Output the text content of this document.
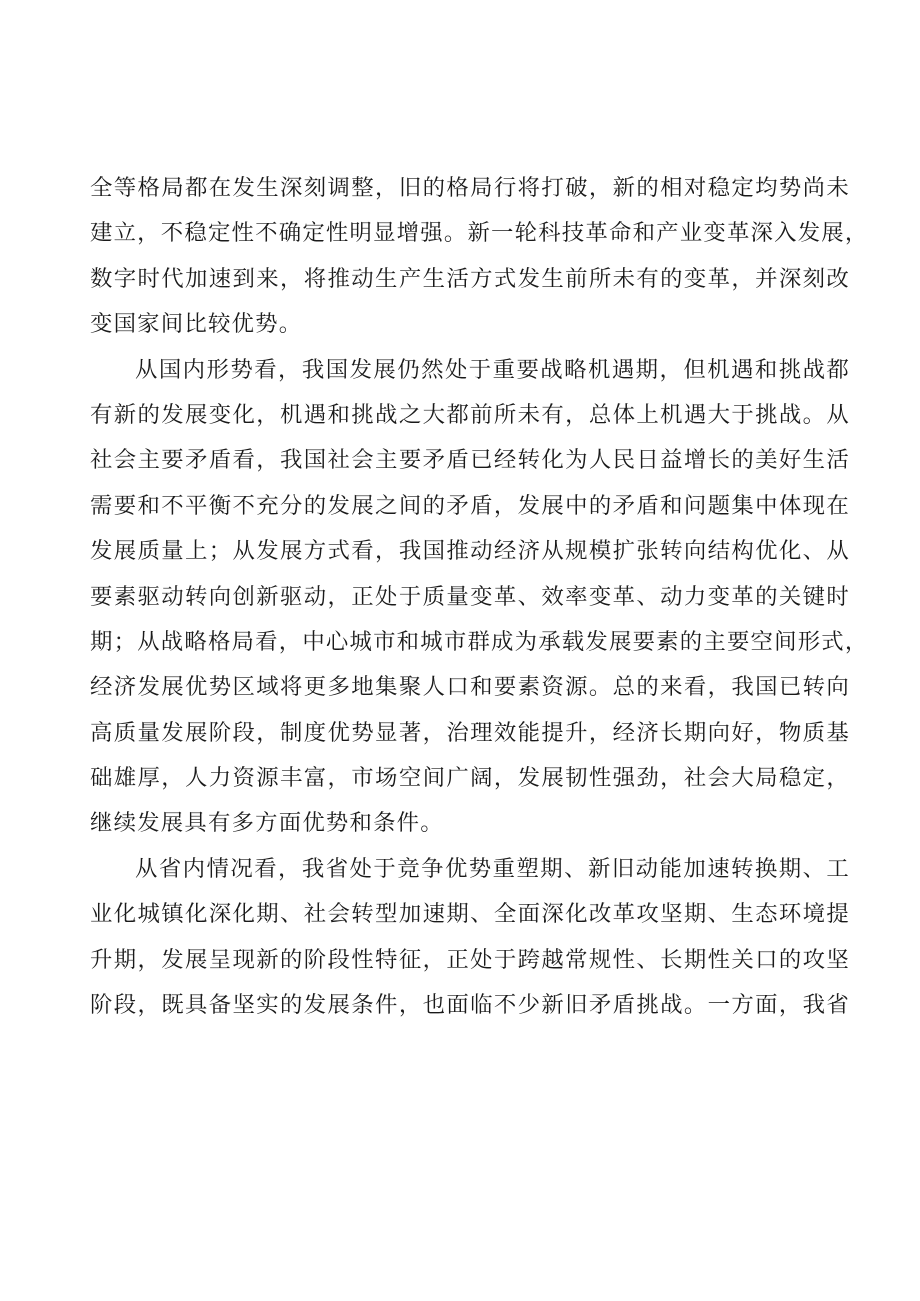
全等格局都在发生深刻调整，旧的格局行将打破，新的相对稳定均势尚未
建立，不稳定性不确定性明显增强。新一轮科技革命和产业变革深入发展，
数字时代加速到来，将推动生产生活方式发生前所未有的变革，并深刻改
变国家间比较优势。
从国内形势看，我国发展仍然处于重要战略机遇期，但机遇和挑战都
有新的发展变化，机遇和挑战之大都前所未有，总体上机遇大于挑战。从
社会主要矛盾看，我国社会主要矛盾已经转化为人民日益增长的美好生活
需要和不平衡不充分的发展之间的矛盾，发展中的矛盾和问题集中体现在
发展质量上；从发展方式看，我国推动经济从规模扩张转向结构优化、从
要素驱动转向创新驱动，正处于质量变革、效率变革、动力变革的关键时
期；从战略格局看，中心城市和城市群成为承载发展要素的主要空间形式，
经济发展优势区域将更多地集聚人口和要素资源。总的来看，我国已转向
高质量发展阶段，制度优势显著，治理效能提升，经济长期向好，物质基
础雄厚，人力资源丰富，市场空间广阔，发展韧性强劲，社会大局稳定，
继续发展具有多方面优势和条件。
从省内情况看，我省处于竞争优势重塑期、新旧动能加速转换期、工
业化城镇化深化期、社会转型加速期、全面深化改革攻坚期、生态环境提
升期，发展呈现新的阶段性特征，正处于跨越常规性、长期性关口的攻坚
阶段，既具备坚实的发展条件，也面临不少新旧矛盾挑战。一方面，我省
